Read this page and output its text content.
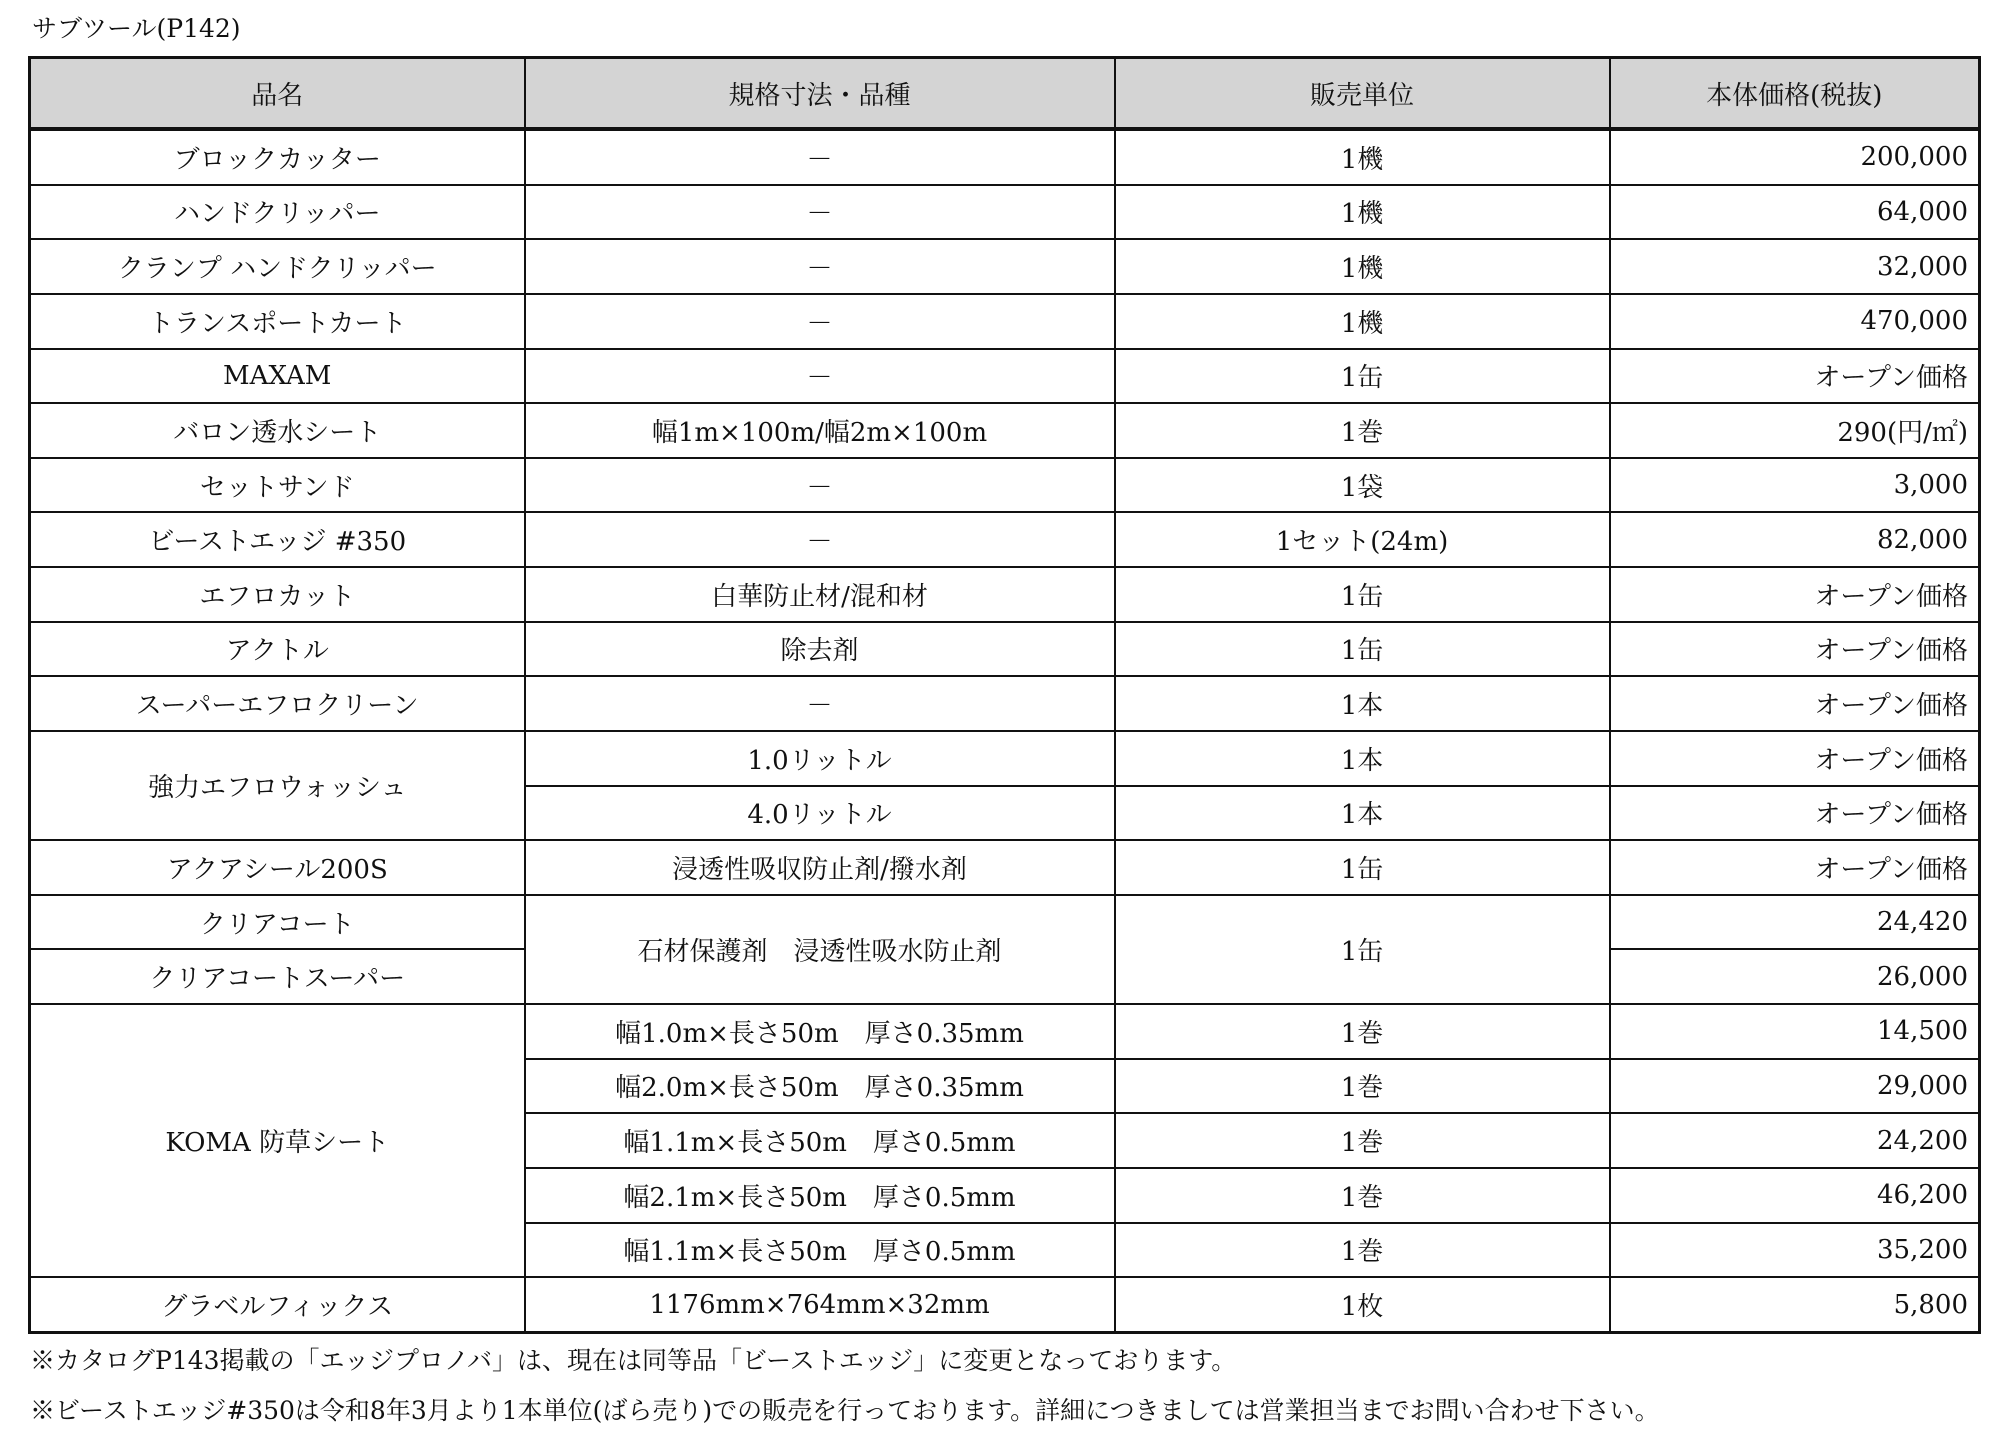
サブツール(P142)
品名	規格寸法・品種	販売単位	本体価格(税抜)
ブロックカッター	－	1機	200,000
ハンドクリッパー	－	1機	64,000
クランプ ハンドクリッパー	－	1機	32,000
トランスポートカート	－	1機	470,000
MAXAM	－	1缶	オープン価格
バロン透水シート	幅1m×100m/幅2m×100m	1巻	290(円/㎡)
セットサンド	－	1袋	3,000
ビーストエッジ #350	－	1セット(24m)	82,000
エフロカット	白華防止材/混和材	1缶	オープン価格
アクトル	除去剤	1缶	オープン価格
スーパーエフロクリーン	－	1本	オープン価格
強力エフロウォッシュ	1.0リットル	1本	オープン価格
	4.0リットル	1本	オープン価格
アクアシール200S	浸透性吸収防止剤/撥水剤	1缶	オープン価格
クリアコート	石材保護剤　浸透性吸水防止剤	1缶	24,420
クリアコートスーパー			26,000
KOMA 防草シート	幅1.0m×長さ50m　厚さ0.35mm	1巻	14,500
	幅2.0m×長さ50m　厚さ0.35mm	1巻	29,000
	幅1.1m×長さ50m　厚さ0.5mm	1巻	24,200
	幅2.1m×長さ50m　厚さ0.5mm	1巻	46,200
	幅1.1m×長さ50m　厚さ0.5mm	1巻	35,200
グラベルフィックス	1176mm×764mm×32mm	1枚	5,800
※カタログP143掲載の「エッジプロノバ」は、現在は同等品「ビーストエッジ」に変更となっております。
※ビーストエッジ#350は令和8年3月より1本単位(ばら売り)での販売を行っております。詳細につきましては営業担当までお問い合わせ下さい。
